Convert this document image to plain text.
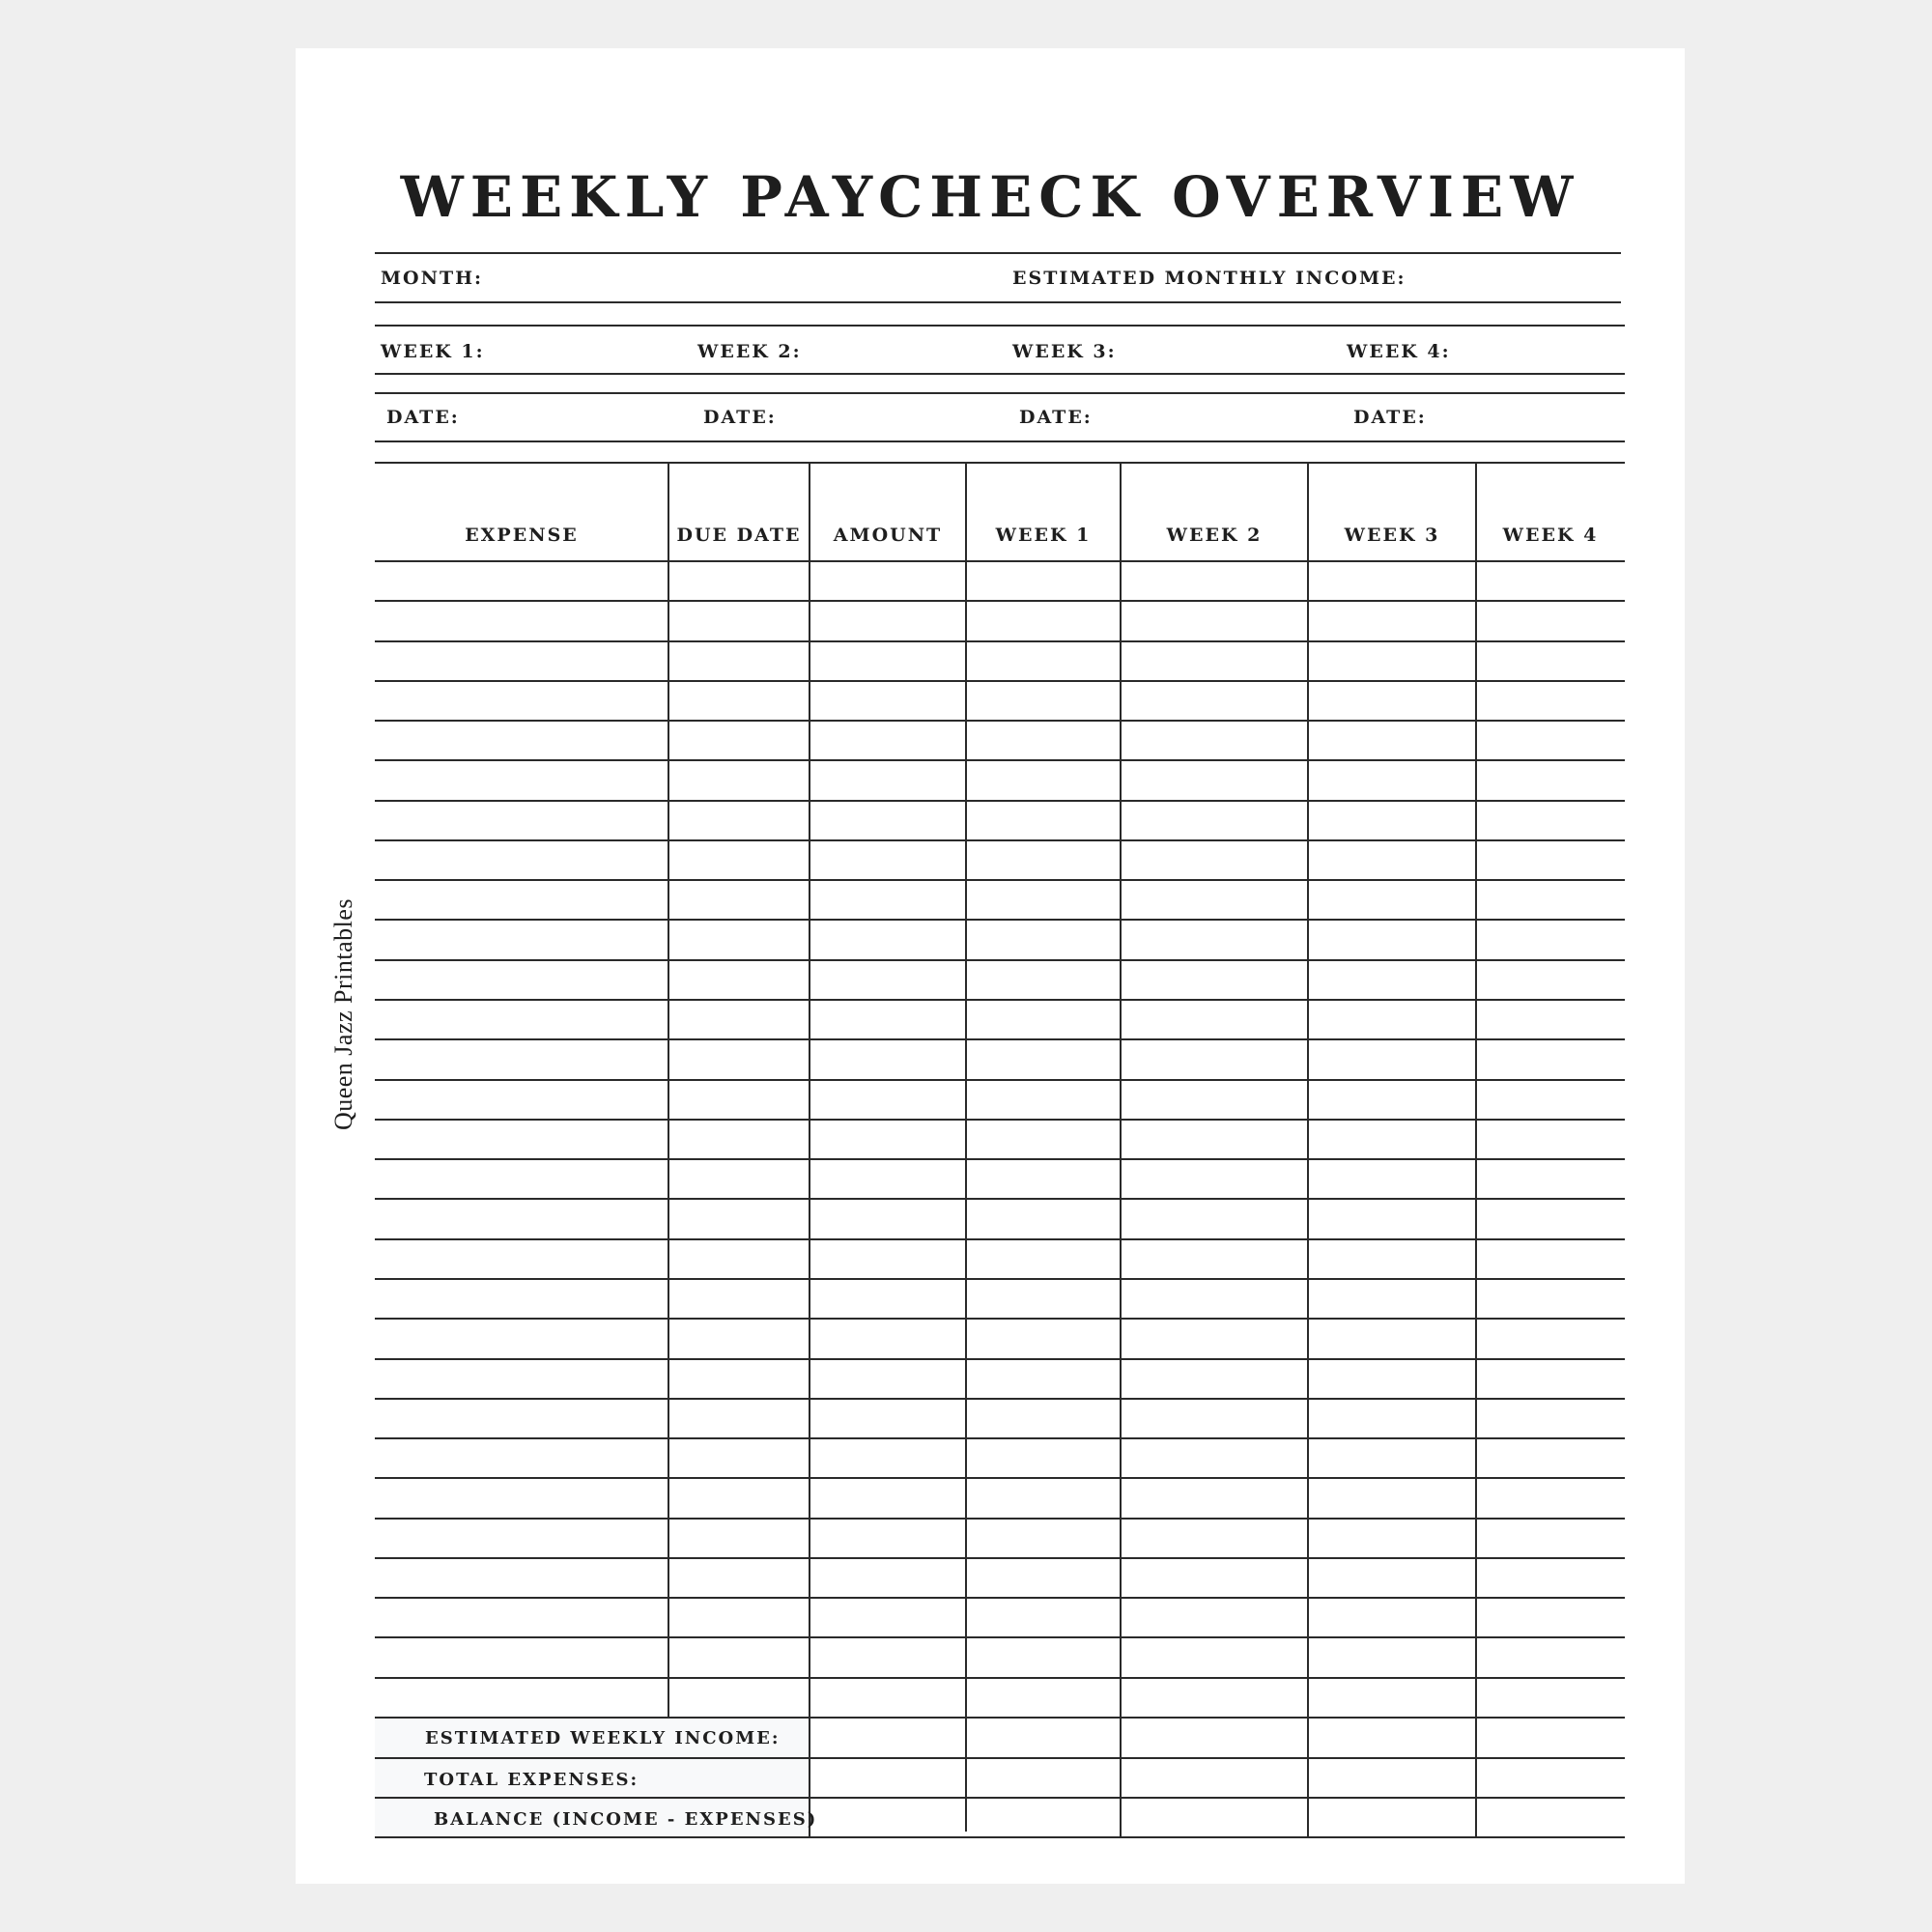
WEEKLY PAYCHECK OVERVIEW
Queen Jazz Printables
MONTH:	ESTIMATED MONTHLY INCOME:
WEEK 1:	WEEK 2:	WEEK 3:	WEEK 4:
DATE:	DATE:	DATE:	DATE:
EXPENSE	DUE DATE	AMOUNT	WEEK 1	WEEK 2	WEEK 3	WEEK 4
ESTIMATED WEEKLY INCOME:
TOTAL EXPENSES:
BALANCE (INCOME - EXPENSES)
